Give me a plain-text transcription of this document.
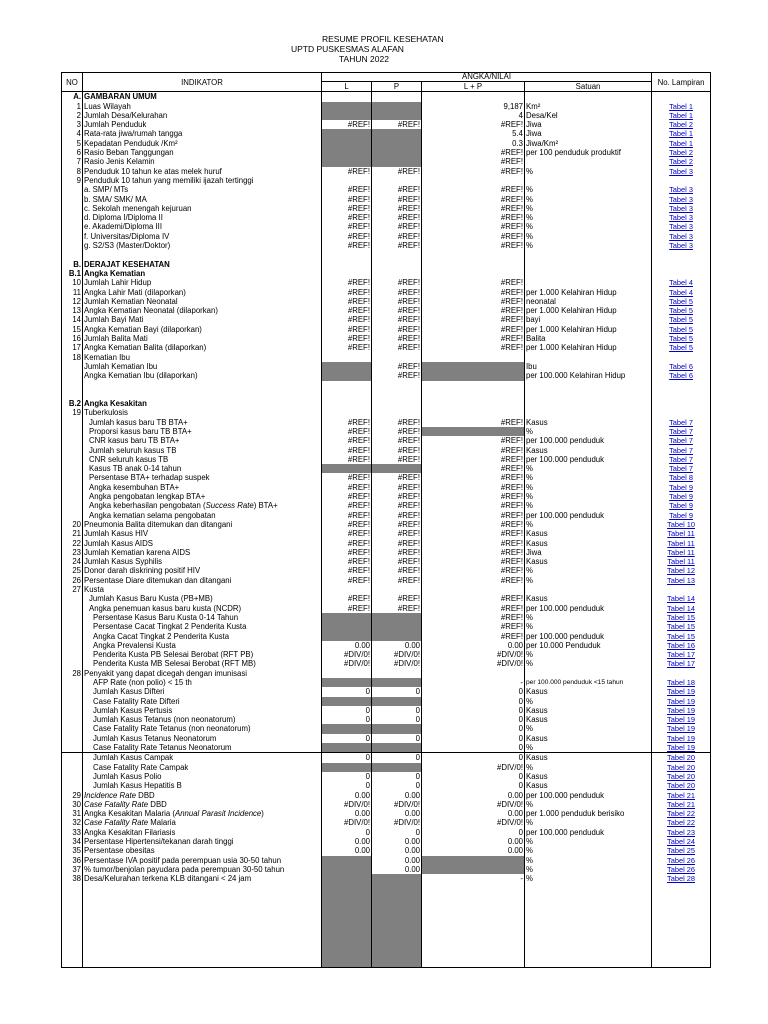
RESUME PROFIL KESEHATAN
UPTD PUSKESMAS ALAFAN
TAHUN 2022
NO	INDIKATOR	ANGKA/NILAI				No. Lampiran
		L	P	L + P	Satuan	
A.	GAMBARAN UMUM					
1	Luas Wilayah			9,187	Km²	Tabel 1
2	Jumlah Desa/Kelurahan			4	Desa/Kel	Tabel 1
3	Jumlah Penduduk	#REF!	#REF!	#REF!	Jiwa	Tabel 2
4	Rata-rata jiwa/rumah tangga			5.4	Jiwa	Tabel 1
5	Kepadatan Penduduk /Km²			0.3	Jiwa/Km²	Tabel 1
6	Rasio Beban Tanggungan			#REF!	per 100 penduduk produktif	Tabel 2
7	Rasio Jenis Kelamin			#REF!		Tabel 2
8	Penduduk 10 tahun ke atas melek huruf	#REF!	#REF!	#REF!	%	Tabel 3
9	Penduduk 10 tahun yang memiliki ijazah tertinggi					
	a. SMP/ MTs	#REF!	#REF!	#REF!	%	Tabel 3
	b. SMA/ SMK/ MA	#REF!	#REF!	#REF!	%	Tabel 3
	c. Sekolah menengah kejuruan	#REF!	#REF!	#REF!	%	Tabel 3
	d. Diploma I/Diploma II	#REF!	#REF!	#REF!	%	Tabel 3
	e. Akademi/Diploma III	#REF!	#REF!	#REF!	%	Tabel 3
	f. Universitas/Diploma IV	#REF!	#REF!	#REF!	%	Tabel 3
	g. S2/S3 (Master/Doktor)	#REF!	#REF!	#REF!	%	Tabel 3

B.	DERAJAT KESEHATAN					
B.1	Angka Kematian					
10	Jumlah Lahir Hidup	#REF!	#REF!	#REF!		Tabel 4
11	Angka Lahir Mati (dilaporkan)	#REF!	#REF!	#REF!	per 1.000 Kelahiran Hidup	Tabel 4
12	Jumlah Kematian Neonatal	#REF!	#REF!	#REF!	neonatal	Tabel 5
13	Angka Kematian Neonatal (dilaporkan)	#REF!	#REF!	#REF!	per 1.000 Kelahiran Hidup	Tabel 5
14	Jumlah Bayi Mati	#REF!	#REF!	#REF!	bayi	Tabel 5
15	Angka Kematian Bayi (dilaporkan)	#REF!	#REF!	#REF!	per 1.000 Kelahiran Hidup	Tabel 5
16	Jumlah Balita Mati	#REF!	#REF!	#REF!	Balita	Tabel 5
17	Angka Kematian Balita (dilaporkan)	#REF!	#REF!	#REF!	per 1.000 Kelahiran Hidup	Tabel 5
18	Kematian Ibu					
	Jumlah Kematian Ibu		#REF!		Ibu	Tabel 6
	Angka Kematian Ibu (dilaporkan)		#REF!		per 100.000 Kelahiran Hidup	Tabel 6

B.2	Angka Kesakitan					
19	Tuberkulosis					
	Jumlah kasus baru TB BTA+	#REF!	#REF!	#REF!	Kasus	Tabel 7
	Proporsi kasus baru TB BTA+	#REF!	#REF!		%	Tabel 7
	CNR kasus baru TB BTA+	#REF!	#REF!	#REF!	per 100.000 penduduk	Tabel 7
	Jumlah seluruh kasus TB	#REF!	#REF!	#REF!	Kasus	Tabel 7
	CNR seluruh kasus TB	#REF!	#REF!	#REF!	per 100.000 penduduk	Tabel 7
	Kasus TB anak 0-14 tahun			#REF!	%	Tabel 7
	Persentase BTA+ terhadap suspek	#REF!	#REF!	#REF!	%	Tabel 8
	Angka kesembuhan BTA+	#REF!	#REF!	#REF!	%	Tabel 9
	Angka pengobatan lengkap BTA+	#REF!	#REF!	#REF!	%	Tabel 9
	Angka keberhasilan pengobatan (Success Rate) BTA+	#REF!	#REF!	#REF!	%	Tabel 9
	Angka kematian selama pengobatan	#REF!	#REF!	#REF!	per 100.000 penduduk	Tabel 9
20	Pneumonia Balita ditemukan dan ditangani	#REF!	#REF!	#REF!	%	Tabel 10
21	Jumlah Kasus HIV	#REF!	#REF!	#REF!	Kasus	Tabel 11
22	Jumlah Kasus AIDS	#REF!	#REF!	#REF!	Kasus	Tabel 11
23	Jumlah Kematian karena AIDS	#REF!	#REF!	#REF!	Jiwa	Tabel 11
24	Jumlah Kasus Syphilis	#REF!	#REF!	#REF!	Kasus	Tabel 11
25	Donor darah diskrining positif HIV	#REF!	#REF!	#REF!	%	Tabel 12
26	Persentase Diare ditemukan dan ditangani	#REF!	#REF!	#REF!	%	Tabel 13
27	Kusta					
	Jumlah Kasus Baru Kusta (PB+MB)	#REF!	#REF!	#REF!	Kasus	Tabel 14
	Angka penemuan kasus baru kusta (NCDR)	#REF!	#REF!	#REF!	per 100.000 penduduk	Tabel 14
	Persentase Kasus Baru Kusta 0-14 Tahun			#REF!	%	Tabel 15
	Persentase Cacat Tingkat 2 Penderita Kusta			#REF!	%	Tabel 15
	Angka Cacat Tingkat 2 Penderita Kusta			#REF!	per 100.000 penduduk	Tabel 15
	Angka Prevalensi Kusta	0.00	0.00	0.00	per 10.000 Penduduk	Tabel 16
	Penderita Kusta PB Selesai Berobat (RFT PB)	#DIV/0!	#DIV/0!	#DIV/0!	%	Tabel 17
	Penderita Kusta MB Selesai Berobat (RFT MB)	#DIV/0!	#DIV/0!	#DIV/0!	%	Tabel 17
28	Penyakit yang dapat dicegah dengan imunisasi					
	AFP Rate (non polio) < 15 th			-	per 100.000 penduduk <15 tahun	Tabel 18
	Jumlah Kasus Difteri	0	0	0	Kasus	Tabel 19
	Case Fatality Rate Difteri			0	%	Tabel 19
	Jumlah Kasus Pertusis	0	0	0	Kasus	Tabel 19
	Jumlah Kasus Tetanus (non neonatorum)	0	0	0	Kasus	Tabel 19
	Case Fatality Rate Tetanus (non neonatorum)			0	%	Tabel 19
	Jumlah Kasus Tetanus Neonatorum	0	0	0	Kasus	Tabel 19
	Case Fatality Rate Tetanus Neonatorum			0	%	Tabel 19
	Jumlah Kasus Campak	0	0	0	Kasus	Tabel 20
	Case Fatality Rate Campak			#DIV/0!	%	Tabel 20
	Jumlah Kasus Polio	0	0	0	Kasus	Tabel 20
	Jumlah Kasus Hepatitis B	0	0	0	Kasus	Tabel 20
29	Incidence Rate DBD	0.00	0.00	0.00	per 100.000 penduduk	Tabel 21
30	Case Fatality Rate DBD	#DIV/0!	#DIV/0!	#DIV/0!	%	Tabel 21
31	Angka Kesakitan Malaria (Annual Parasit Incidence)	0.00	0.00	0.00	per 1.000 penduduk berisiko	Tabel 22
32	Case Fatality Rate Malaria	#DIV/0!	#DIV/0!	#DIV/0!	%	Tabel 22
33	Angka Kesakitan Filariasis	0	0	0	per 100.000 penduduk	Tabel 23
34	Persentase Hipertensi/tekanan darah tinggi	0.00	0.00	0.00	%	Tabel 24
35	Persentase obesitas	0.00	0.00	0.00	%	Tabel 25
36	Persentase IVA positif pada perempuan usia 30-50 tahun		0.00		%	Tabel 26
37	% tumor/benjolan payudara pada perempuan 30-50 tahun		0.00		%	Tabel 26
38	Desa/Kelurahan terkena KLB ditangani < 24 jam			-	%	Tabel 28
